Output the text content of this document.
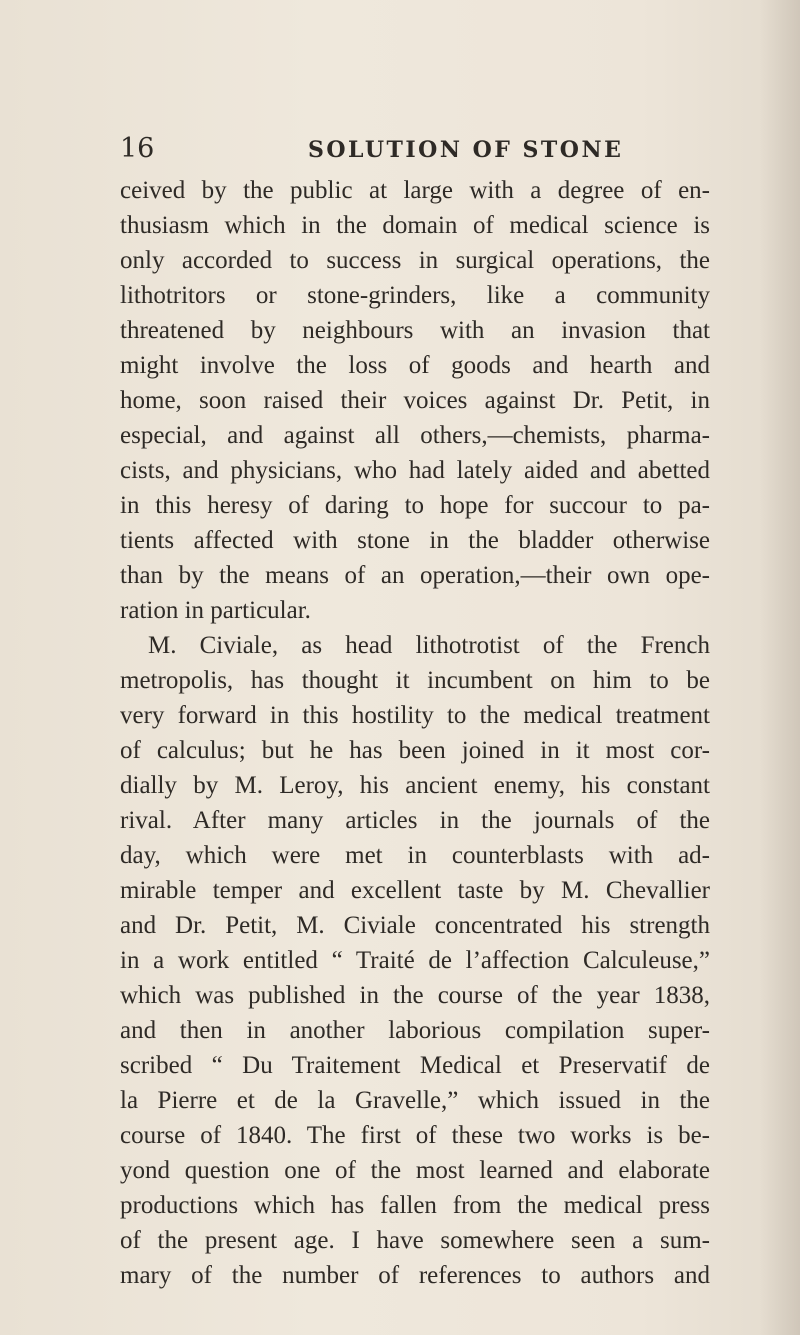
16	SOLUTION OF STONE
ceived by the public at large with a degree of en-
thusiasm which in the domain of medical science is
only accorded to success in surgical operations, the
lithotritors or stone-grinders, like a community
threatened by neighbours with an invasion that
might involve the loss of goods and hearth and
home, soon raised their voices against Dr. Petit, in
especial, and against all others,—chemists, pharma-
cists, and physicians, who had lately aided and abetted
in this heresy of daring to hope for succour to pa-
tients affected with stone in the bladder otherwise
than by the means of an operation,—their own ope-
ration in particular.
M. Civiale, as head lithotrotist of the French
metropolis, has thought it incumbent on him to be
very forward in this hostility to the medical treatment
of calculus; but he has been joined in it most cor-
dially by M. Leroy, his ancient enemy, his constant
rival. After many articles in the journals of the
day, which were met in counterblasts with ad-
mirable temper and excellent taste by M. Chevallier
and Dr. Petit, M. Civiale concentrated his strength
in a work entitled “ Traité de l’affection Calculeuse,”
which was published in the course of the year 1838,
and then in another laborious compilation super-
scribed “ Du Traitement Medical et Preservatif de
la Pierre et de la Gravelle,” which issued in the
course of 1840. The first of these two works is be-
yond question one of the most learned and elaborate
productions which has fallen from the medical press
of the present age. I have somewhere seen a sum-
mary of the number of references to authors and
